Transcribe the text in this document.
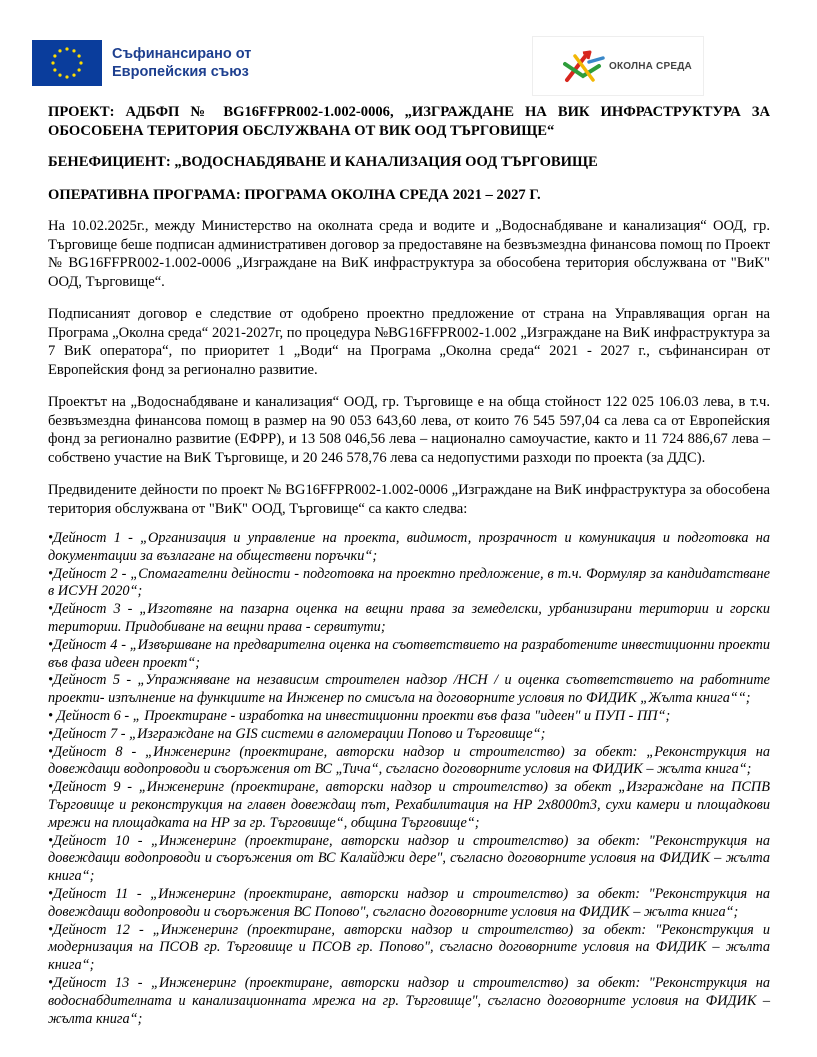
Съфинансирано от
Европейския съюз	ОКОЛНА СРЕДА

ПРОЕКТ: АДБФП № BG16FFPR002-1.002-0006, „ИЗГРАЖДАНЕ НА ВИК ИНФРАСТРУКТУРА ЗА ОБОСОБЕНА ТЕРИТОРИЯ ОБСЛУЖВАНА ОТ ВИК ООД ТЪРГОВИЩЕ“

БЕНЕФИЦИЕНТ: „ВОДОСНАБДЯВАНЕ И КАНАЛИЗАЦИЯ ООД ТЪРГОВИЩЕ

ОПЕРАТИВНА ПРОГРАМА: ПРОГРАМА ОКОЛНА СРЕДА 2021 – 2027 Г.

На 10.02.2025г., между Министерство на околната среда и водите и „Водоснабдяване и канализация“ ООД, гр. Търговище беше подписан административен договор за предоставяне на безвъзмездна финансова помощ по Проект № BG16FFPR002-1.002-0006 „Изграждане на ВиК инфраструктура за обособена територия обслужвана от "ВиК" ООД, Търговище“.

Подписаният договор е следствие от одобрено проектно предложение от страна на Управляващия орган на Програма „Околна среда“ 2021-2027г, по процедура №BG16FFPR002-1.002 „Изграждане на ВиК инфраструктура за 7 ВиК оператора“, по приоритет 1 „Води“ на Програма „Околна среда“ 2021 - 2027 г., съфинансиран от Европейския фонд за регионално развитие.

Проектът на „Водоснабдяване и канализация“ ООД, гр. Търговище е на обща стойност 122 025 106.03 лева, в т.ч. безвъзмездна финансова помощ в размер на 90 053 643,60 лева, от които 76 545 597,04 са лева са от Европейския фонд за регионално развитие (ЕФРР), и 13 508 046,56 лева – национално самоучастие, както и 11 724 886,67 лева – собствено участие на ВиК Търговище, и 20 246 578,76 лева са недопустими разходи по проекта (за ДДС).

Предвидените дейности по проект № BG16FFPR002-1.002-0006 „Изграждане на ВиК инфраструктура за обособена територия обслужвана от "ВиК" ООД, Търговище“ са както следва:

•Дейност 1 - „Организация и управление на проекта, видимост, прозрачност и комуникация и подготовка на документации за възлагане на обществени поръчки“;

•Дейност 2 - „Спомагателни дейности - подготовка на проектно предложение, в т.ч. Формуляр за кандидатстване в ИСУН 2020“;

•Дейност 3 - „Изготвяне на пазарна оценка на вещни права за земеделски, урбанизирани територии и горски територии. Придобиване на вещни права - сервитути;

•Дейност 4 - „Извършване на предварителна оценка на съответствието на разработените инвестиционни проекти във фаза идеен проект“;

•Дейност 5 - „Упражняване на независим строителен надзор /НСН / и оценка съответствието на работните проекти- изпълнение на функциите на Инженер по смисъла на договорните условия по ФИДИК „Жълта книга““;

• Дейност 6 - „ Проектиране - изработка на инвестиционни проекти във фаза "идеен" и ПУП - ПП“;

•Дейност 7 - „Изграждане на GIS системи в агломерации Попово и Търговище“;

•Дейност 8 - „Инженеринг (проектиране, авторски надзор и строителство) за обект: „Реконструкция на довеждащи водопроводи и съоръжения от ВС „Тича“, съгласно договорните условия на ФИДИК – жълта книга“;

•Дейност 9 - „Инженеринг (проектиране, авторски надзор и строителство) за обект „Изграждане на ПСПВ Търговище и реконструкция на главен довеждащ път, Рехабилитация на НР 2х8000m3, сухи камери и площадкови мрежи на площадката на НР за гр. Търговище“, община Търговище“;

•Дейност 10 - „Инженеринг (проектиране, авторски надзор и строителство) за обект: "Реконструкция на довеждащи водопроводи и съоръжения от ВС Калайджи дере", съгласно договорните условия на ФИДИК – жълта книга“;

•Дейност 11 - „Инженеринг (проектиране, авторски надзор и строителство) за обект: "Реконструкция на довеждащи водопроводи и съоръжения ВС Попово", съгласно договорните условия на ФИДИК – жълта книга“;

•Дейност 12 - „Инженеринг (проектиране, авторски надзор и строителство) за обект: "Реконструкция и модернизация на ПСОВ гр. Търговище и ПСОВ гр. Попово", съгласно договорните условия на ФИДИК – жълта книга“;

•Дейност 13 - „Инженеринг (проектиране, авторски надзор и строителство) за обект: "Реконструкция на водоснабдителната и канализационната мрежа на гр. Търговище", съгласно договорните условия на ФИДИК – жълта книга“;
